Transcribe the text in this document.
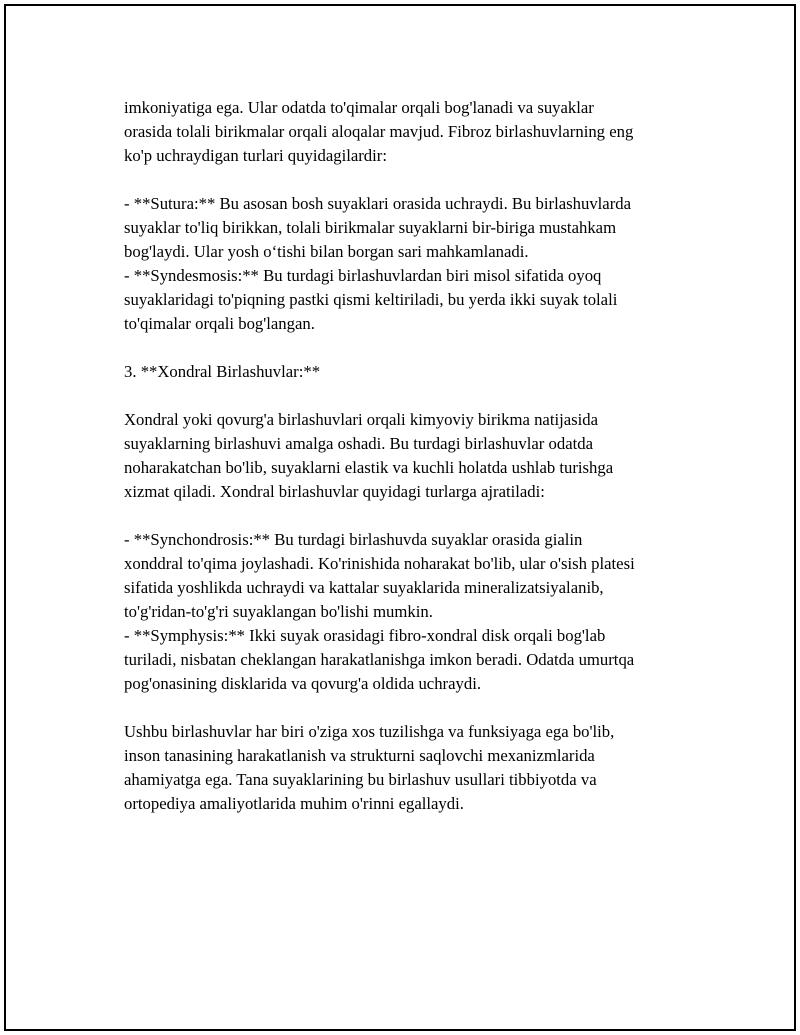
imkoniyatiga ega. Ular odatda to'qimalar orqali bog'lanadi va suyaklar
orasida tolali birikmalar orqali aloqalar mavjud. Fibroz birlashuvlarning eng
ko'p uchraydigan turlari quyidagilardir:

- **Sutura:** Bu asosan bosh suyaklari orasida uchraydi. Bu birlashuvlarda
suyaklar to'liq birikkan, tolali birikmalar suyaklarni bir-biriga mustahkam
bog'laydi. Ular yosh o‘tishi bilan borgan sari mahkamlanadi.
- **Syndesmosis:** Bu turdagi birlashuvlardan biri misol sifatida oyoq
suyaklaridagi to'piqning pastki qismi keltiriladi, bu yerda ikki suyak tolali
to'qimalar orqali bog'langan.

3. **Xondral Birlashuvlar:**

Xondral yoki qovurg'a birlashuvlari orqali kimyoviy birikma natijasida
suyaklarning birlashuvi amalga oshadi. Bu turdagi birlashuvlar odatda
noharakatchan bo'lib, suyaklarni elastik va kuchli holatda ushlab turishga
xizmat qiladi. Xondral birlashuvlar quyidagi turlarga ajratiladi:

- **Synchondrosis:** Bu turdagi birlashuvda suyaklar orasida gialin
xonddral to'qima joylashadi. Ko'rinishida noharakat bo'lib, ular o'sish platesi
sifatida yoshlikda uchraydi va kattalar suyaklarida mineralizatsiyalanib,
to'g'ridan-to'g'ri suyaklangan bo'lishi mumkin.
- **Symphysis:** Ikki suyak orasidagi fibro-xondral disk orqali bog'lab
turiladi, nisbatan cheklangan harakatlanishga imkon beradi. Odatda umurtqa
pog'onasining disklarida va qovurg'a oldida uchraydi.

Ushbu birlashuvlar har biri o'ziga xos tuzilishga va funksiyaga ega bo'lib,
inson tanasining harakatlanish va strukturni saqlovchi mexanizmlarida
ahamiyatga ega. Tana suyaklarining bu birlashuv usullari tibbiyotda va
ortopediya amaliyotlarida muhim o'rinni egallaydi.
